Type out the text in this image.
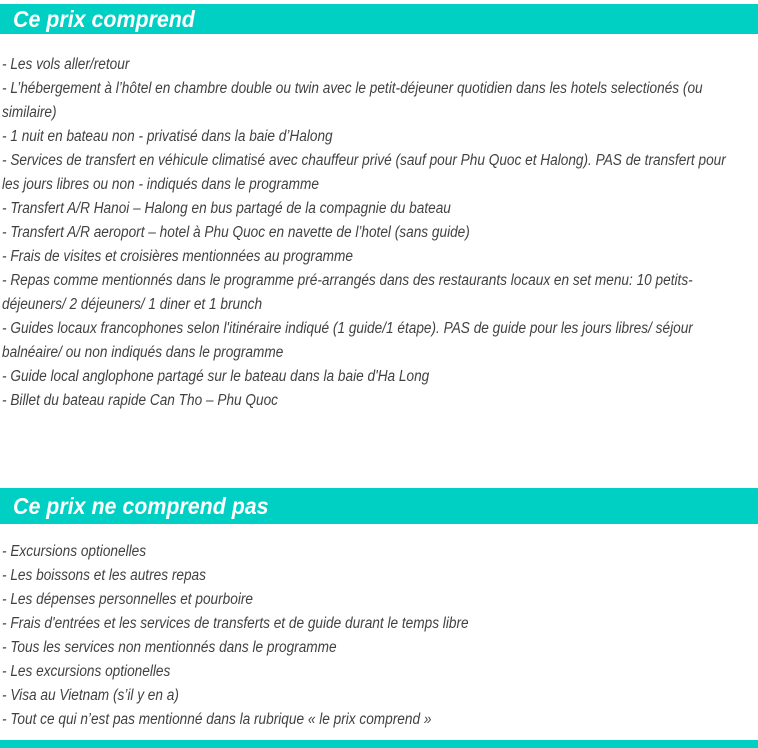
Ce prix comprend
- Les vols aller/retour
- L’hébergement à l’hôtel en chambre double ou twin avec le petit-déjeuner quotidien dans les hotels selectionés (ou
similaire)
- 1 nuit en bateau non - privatisé dans la baie d’Halong
- Services de transfert en véhicule climatisé avec chauffeur privé (sauf pour Phu Quoc et Halong). PAS de transfert pour
les jours libres ou non - indiqués dans le programme
- Transfert A/R Hanoi – Halong en bus partagé de la compagnie du bateau
- Transfert A/R aeroport – hotel à Phu Quoc en navette de l’hotel (sans guide)
- Frais de visites et croisières mentionnées au programme
- Repas comme mentionnés dans le programme pré-arrangés dans des restaurants locaux en set menu: 10 petits-
déjeuners/ 2 déjeuners/ 1 diner et 1 brunch
- Guides locaux francophones selon l'itinéraire indiqué (1 guide/1 étape). PAS de guide pour les jours libres/ séjour
balnéaire/ ou non indiqués dans le programme
- Guide local anglophone partagé sur le bateau dans la baie d'Ha Long
- Billet du bateau rapide Can Tho – Phu Quoc
Ce prix ne comprend pas
- Excursions optionelles
- Les boissons et les autres repas
- Les dépenses personnelles et pourboire
- Frais d'entrées et les services de transferts et de guide durant le temps libre
- Tous les services non mentionnés dans le programme
- Les excursions optionelles
- Visa au Vietnam (s’il y en a)
- Tout ce qui n’est pas mentionné dans la rubrique « le prix comprend »
